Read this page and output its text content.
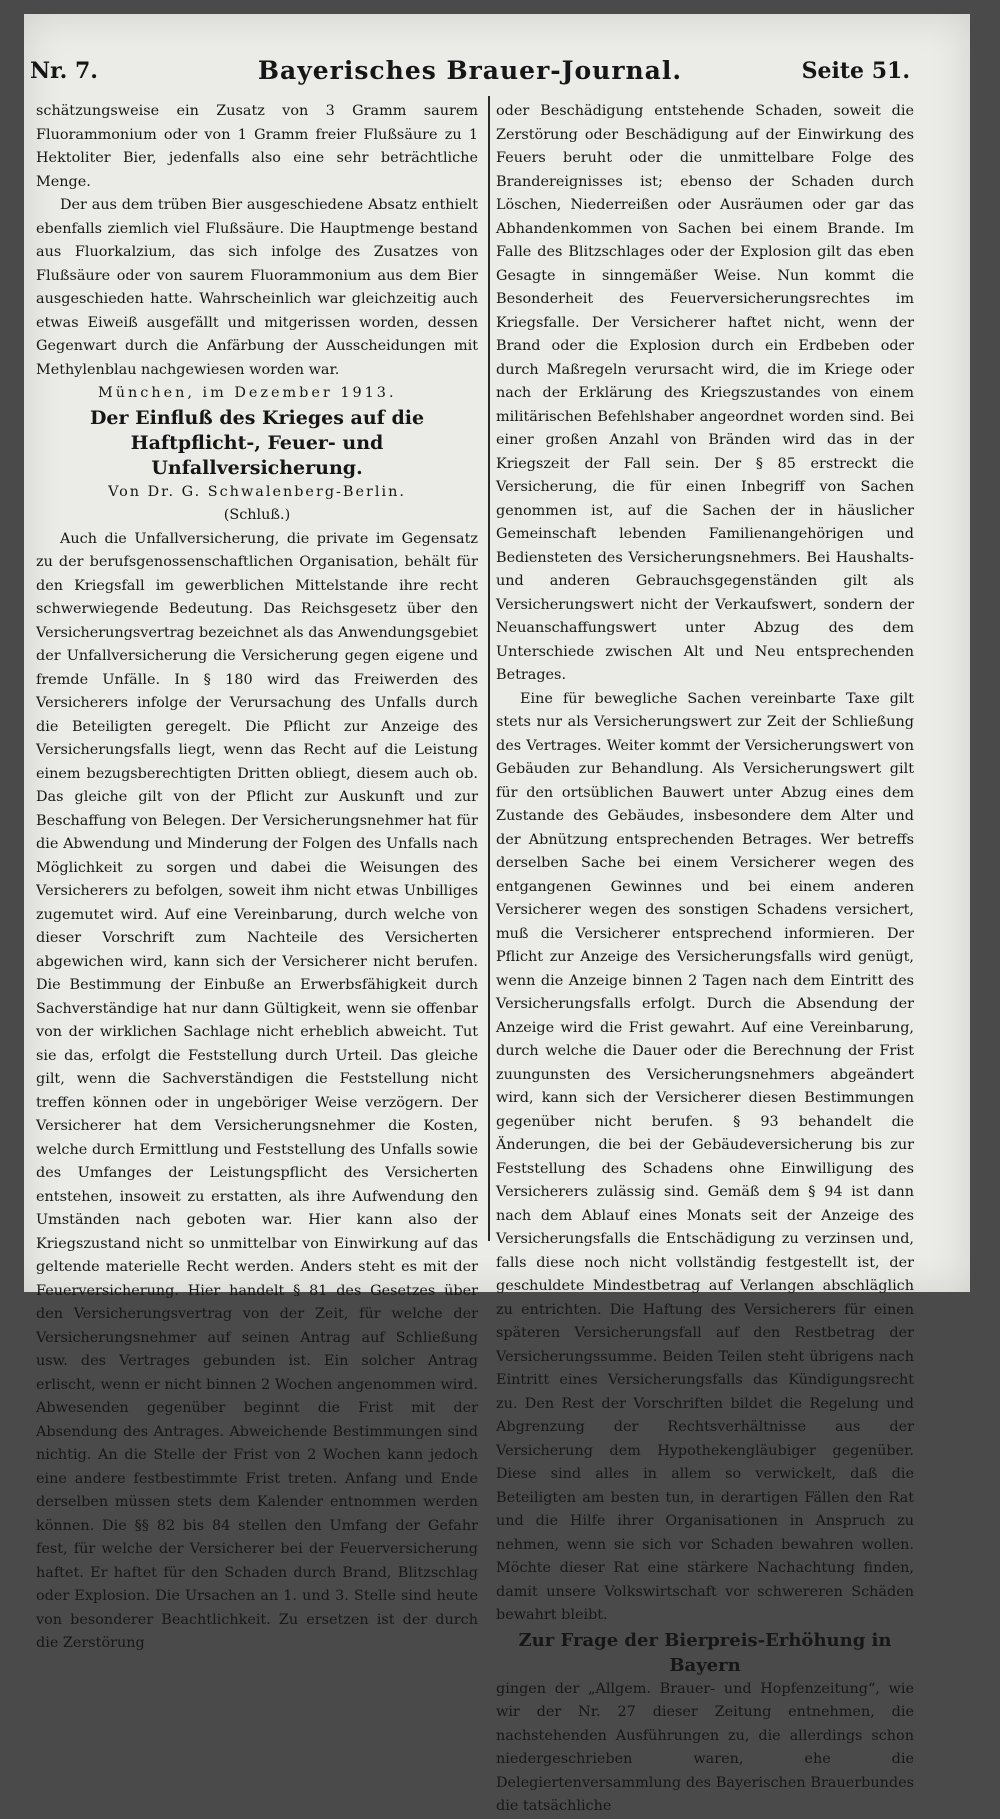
Nr. 7.	Bayerisches Brauer-Journal.	Seite 51.

schätzungsweise ein Zusatz von 3 Gramm saurem Fluorammonium oder von 1 Gramm freier Flußsäure zu 1 Hektoliter Bier, jedenfalls also eine sehr beträchtliche Menge.

Der aus dem trüben Bier ausgeschiedene Absatz enthielt ebenfalls ziemlich viel Flußsäure. Die Hauptmenge bestand aus Fluorkalzium, das sich infolge des Zusatzes von Flußsäure oder von saurem Fluorammonium aus dem Bier ausgeschieden hatte. Wahrscheinlich war gleichzeitig auch etwas Eiweiß ausgefällt und mitgerissen worden, dessen Gegenwart durch die Anfärbung der Ausscheidungen mit Methylenblau nachgewiesen worden war.

München, im Dezember 1913.

Der Einfluß des Krieges auf die Haftpflicht-, Feuer- und Unfallversicherung.

Von Dr. G. Schwalenberg-Berlin.

(Schluß.)

Auch die Unfallversicherung, die private im Gegensatz zu der berufsgenossenschaftlichen Organisation, behält für den Kriegsfall im gewerblichen Mittelstande ihre recht schwerwiegende Bedeutung. Das Reichsgesetz über den Versicherungsvertrag bezeichnet als das Anwendungsgebiet der Unfallversicherung die Versicherung gegen eigene und fremde Unfälle. In § 180 wird das Freiwerden des Versicherers infolge der Verursachung des Unfalls durch die Beteiligten geregelt. Die Pflicht zur Anzeige des Versicherungsfalls liegt, wenn das Recht auf die Leistung einem bezugsberechtigten Dritten obliegt, diesem auch ob. Das gleiche gilt von der Pflicht zur Auskunft und zur Beschaffung von Belegen. Der Versicherungsnehmer hat für die Abwendung und Minderung der Folgen des Unfalls nach Möglichkeit zu sorgen und dabei die Weisungen des Versicherers zu befolgen, soweit ihm nicht etwas Unbilliges zugemutet wird. Auf eine Vereinbarung, durch welche von dieser Vorschrift zum Nachteile des Versicherten abgewichen wird, kann sich der Versicherer nicht berufen. Die Bestimmung der Einbuße an Erwerbsfähigkeit durch Sachverständige hat nur dann Gültigkeit, wenn sie offenbar von der wirklichen Sachlage nicht erheblich abweicht. Tut sie das, erfolgt die Feststellung durch Urteil. Das gleiche gilt, wenn die Sachverständigen die Feststellung nicht treffen können oder in ungeböriger Weise verzögern. Der Versicherer hat dem Versicherungsnehmer die Kosten, welche durch Ermittlung und Feststellung des Unfalls sowie des Umfanges der Leistungspflicht des Versicherten entstehen, insoweit zu erstatten, als ihre Aufwendung den Umständen nach geboten war. Hier kann also der Kriegszustand nicht so unmittelbar von Einwirkung auf das geltende materielle Recht werden. Anders steht es mit der Feuerversicherung. Hier handelt § 81 des Gesetzes über den Versicherungsvertrag von der Zeit, für welche der Versicherungsnehmer auf seinen Antrag auf Schließung usw. des Vertrages gebunden ist. Ein solcher Antrag erlischt, wenn er nicht binnen 2 Wochen angenommen wird. Abwesenden gegenüber beginnt die Frist mit der Absendung des Antrages. Abweichende Bestimmungen sind nichtig. An die Stelle der Frist von 2 Wochen kann jedoch eine andere festbestimmte Frist treten. Anfang und Ende derselben müssen stets dem Kalender entnommen werden können. Die §§ 82 bis 84 stellen den Umfang der Gefahr fest, für welche der Versicherer bei der Feuerversicherung haftet. Er haftet für den Schaden durch Brand, Blitzschlag oder Explosion. Die Ursachen an 1. und 3. Stelle sind heute von besonderer Beachtlichkeit. Zu ersetzen ist der durch die Zerstörung

oder Beschädigung entstehende Schaden, soweit die Zerstörung oder Beschädigung auf der Einwirkung des Feuers beruht oder die unmittelbare Folge des Brandereignisses ist; ebenso der Schaden durch Löschen, Niederreißen oder Ausräumen oder gar das Abhandenkommen von Sachen bei einem Brande. Im Falle des Blitzschlages oder der Explosion gilt das eben Gesagte in sinngemäßer Weise. Nun kommt die Besonderheit des Feuerversicherungsrechtes im Kriegsfalle. Der Versicherer haftet nicht, wenn der Brand oder die Explosion durch ein Erdbeben oder durch Maßregeln verursacht wird, die im Kriege oder nach der Erklärung des Kriegszustandes von einem militärischen Befehlshaber angeordnet worden sind. Bei einer großen Anzahl von Bränden wird das in der Kriegszeit der Fall sein. Der § 85 erstreckt die Versicherung, die für einen Inbegriff von Sachen genommen ist, auf die Sachen der in häuslicher Gemeinschaft lebenden Familienangehörigen und Bediensteten des Versicherungsnehmers. Bei Haushalts- und anderen Gebrauchsgegenständen gilt als Versicherungswert nicht der Verkaufswert, sondern der Neuanschaffungswert unter Abzug des dem Unterschiede zwischen Alt und Neu entsprechenden Betrages.

Eine für bewegliche Sachen vereinbarte Taxe gilt stets nur als Versicherungswert zur Zeit der Schließung des Vertrages. Weiter kommt der Versicherungswert von Gebäuden zur Behandlung. Als Versicherungswert gilt für den ortsüblichen Bauwert unter Abzug eines dem Zustande des Gebäudes, insbesondere dem Alter und der Abnützung entsprechenden Betrages. Wer betreffs derselben Sache bei einem Versicherer wegen des entgangenen Gewinnes und bei einem anderen Versicherer wegen des sonstigen Schadens versichert, muß die Versicherer entsprechend informieren. Der Pflicht zur Anzeige des Versicherungsfalls wird genügt, wenn die Anzeige binnen 2 Tagen nach dem Eintritt des Versicherungsfalls erfolgt. Durch die Absendung der Anzeige wird die Frist gewahrt. Auf eine Vereinbarung, durch welche die Dauer oder die Berechnung der Frist zuungunsten des Versicherungsnehmers abgeändert wird, kann sich der Versicherer diesen Bestimmungen gegenüber nicht berufen. § 93 behandelt die Änderungen, die bei der Gebäudeversicherung bis zur Feststellung des Schadens ohne Einwilligung des Versicherers zulässig sind. Gemäß dem § 94 ist dann nach dem Ablauf eines Monats seit der Anzeige des Versicherungsfalls die Entschädigung zu verzinsen und, falls diese noch nicht vollständig festgestellt ist, der geschuldete Mindestbetrag auf Verlangen abschläglich zu entrichten. Die Haftung des Versicherers für einen späteren Versicherungsfall auf den Restbetrag der Versicherungssumme. Beiden Teilen steht übrigens nach Eintritt eines Versicherungsfalls das Kündigungsrecht zu. Den Rest der Vorschriften bildet die Regelung und Abgrenzung der Rechtsverhältnisse aus der Versicherung dem Hypothekengläubiger gegenüber. Diese sind alles in allem so verwickelt, daß die Beteiligten am besten tun, in derartigen Fällen den Rat und die Hilfe ihrer Organisationen in Anspruch zu nehmen, wenn sie sich vor Schaden bewahren wollen. Möchte dieser Rat eine stärkere Nachachtung finden, damit unsere Volkswirtschaft vor schwereren Schäden bewahrt bleibt.

Zur Frage der Bierpreis-Erhöhung in Bayern

gingen der „Allgem. Brauer- und Hopfenzeitung“, wie wir der Nr. 27 dieser Zeitung entnehmen, die nachstehenden Ausführungen zu, die allerdings schon niedergeschrieben waren, ehe die Delegiertenversammlung des Bayerischen Brauerbundes die tatsächliche
